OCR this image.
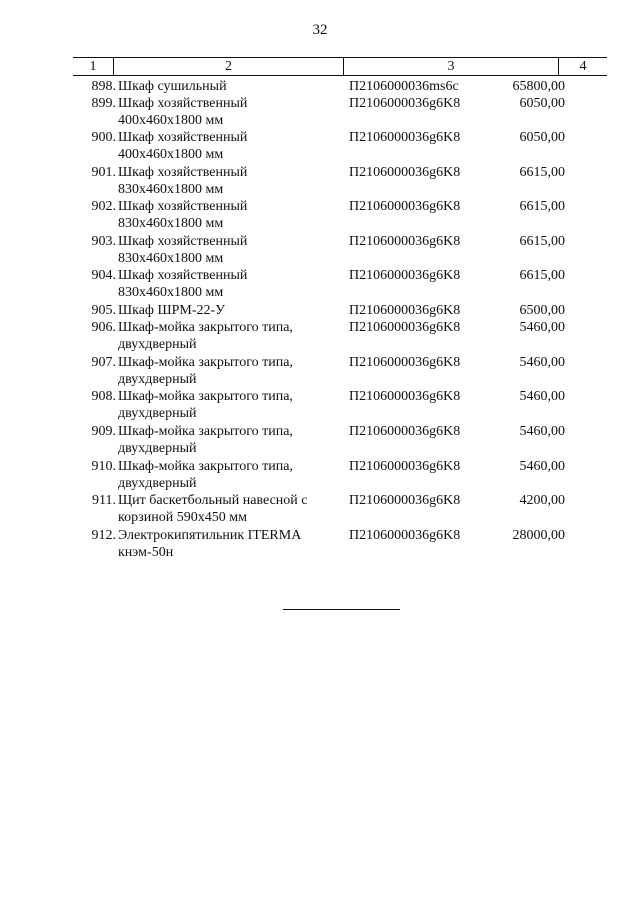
32
1	2	3	4
898. Шкаф сушильный	П2106000036ms6c	65800,00
899. Шкаф хозяйственный
400x460x1800 мм
П2106000036g6K8	6050,00
900. Шкаф хозяйственный
400x460x1800 мм
П2106000036g6K8	6050,00
901. Шкаф хозяйственный
830x460x1800 мм
П2106000036g6K8	6615,00
902. Шкаф хозяйственный
830x460x1800 мм
П2106000036g6K8	6615,00
903. Шкаф хозяйственный
830x460x1800 мм
П2106000036g6K8	6615,00
904. Шкаф хозяйственный
830x460x1800 мм
П2106000036g6K8	6615,00
905. Шкаф ШРМ-22-У	П2106000036g6K8	6500,00
906. Шкаф-мойка закрытого типа,
двухдверный
П2106000036g6K8	5460,00
907. Шкаф-мойка закрытого типа,
двухдверный
П2106000036g6K8	5460,00
908. Шкаф-мойка закрытого типа,
двухдверный
П2106000036g6K8	5460,00
909. Шкаф-мойка закрытого типа,
двухдверный
П2106000036g6K8	5460,00
910. Шкаф-мойка закрытого типа,
двухдверный
П2106000036g6K8	5460,00
911. Щит баскетбольный навесной с
корзиной 590x450 мм
П2106000036g6K8	4200,00
912. Электрокипятильник ITERMA
кнэм-50н
П2106000036g6K8	28000,00
